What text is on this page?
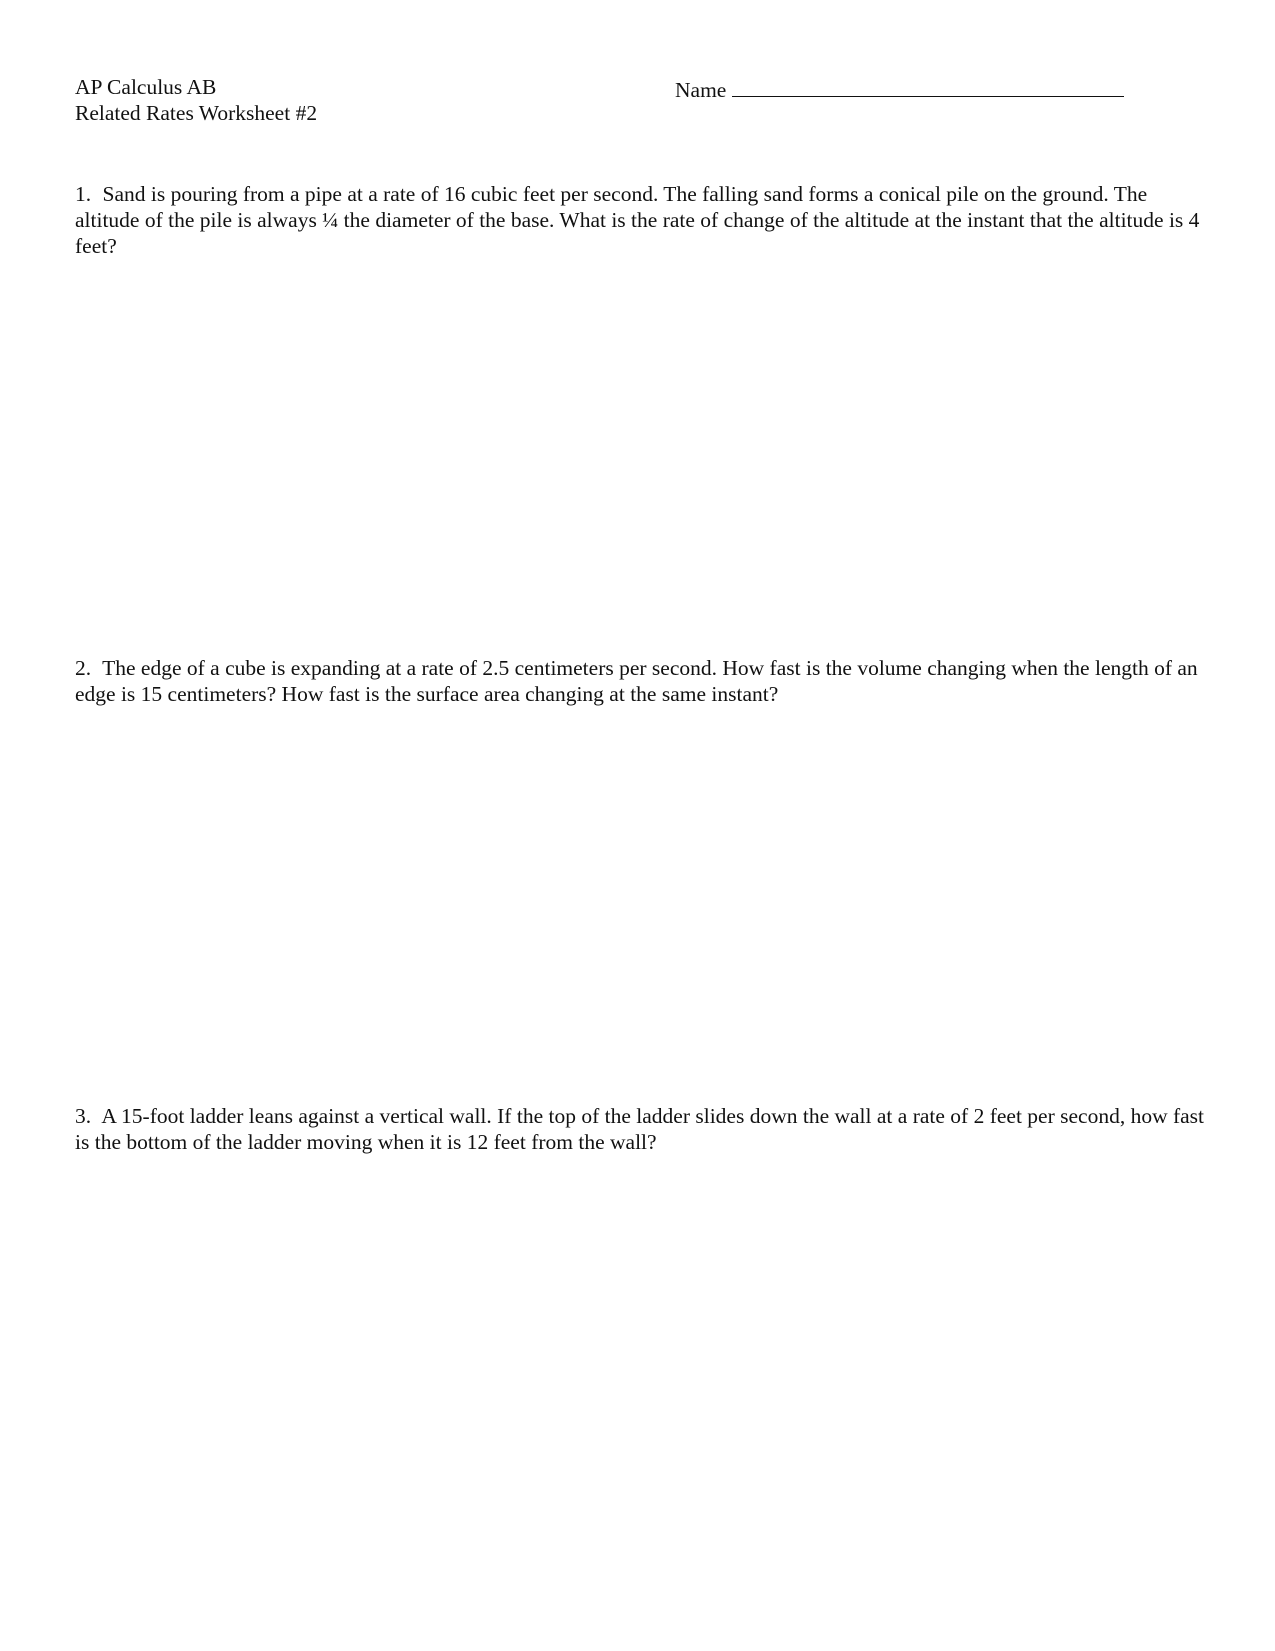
AP Calculus AB
Related Rates Worksheet #2
Name
1. Sand is pouring from a pipe at a rate of 16 cubic feet per second. The falling sand forms a conical pile on the ground. The altitude of the pile is always ¼ the diameter of the base. What is the rate of change of the altitude at the instant that the altitude is 4 feet?
2. The edge of a cube is expanding at a rate of 2.5 centimeters per second. How fast is the volume changing when the length of an edge is 15 centimeters? How fast is the surface area changing at the same instant?
3. A 15-foot ladder leans against a vertical wall. If the top of the ladder slides down the wall at a rate of 2 feet per second, how fast is the bottom of the ladder moving when it is 12 feet from the wall?
